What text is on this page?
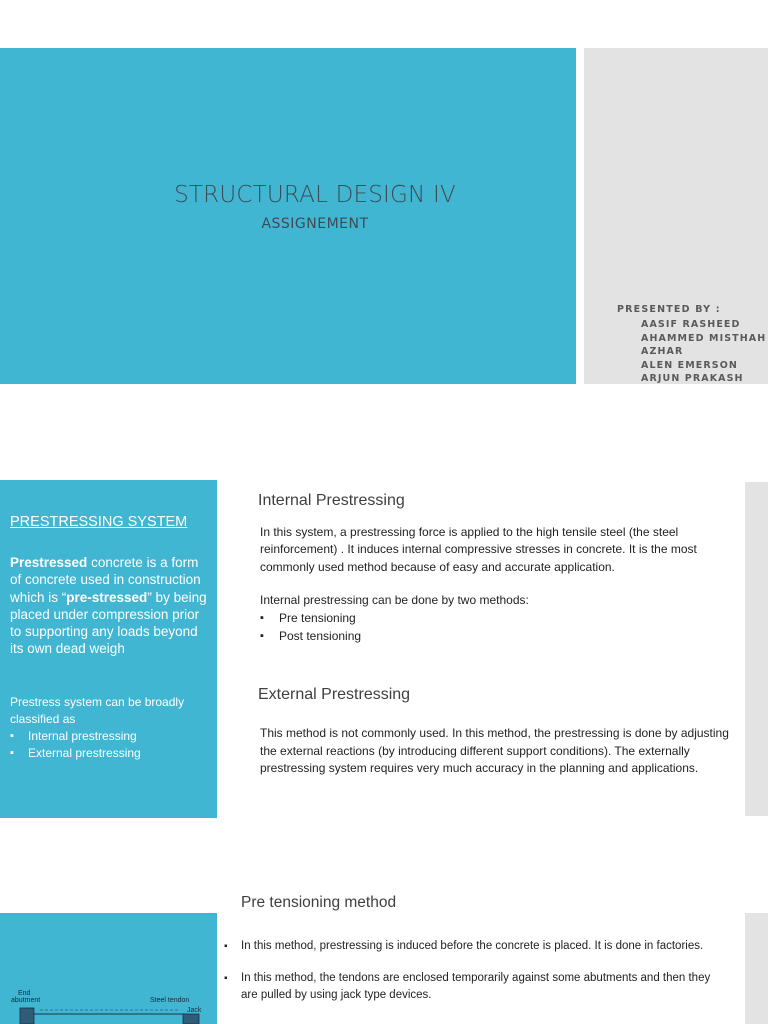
STRUCTURAL DESIGN IV
ASSIGNEMENT
PRESENTED BY :
AASIF RASHEED
AHAMMED MISTHAH
AZHAR
ALEN EMERSON
ARJUN PRAKASH
PRESTRESSING SYSTEM

Prestressed concrete is a form of concrete used in construction which is “pre-stressed” by being placed under compression prior to supporting any loads beyond its own dead weigh

Prestress system can be broadly classified as

▪ Internal prestressing
▪ External prestressing
Internal Prestressing

In this system, a prestressing force is applied to the high tensile steel (the steel reinforcement) . It induces internal compressive stresses in concrete. It is the most commonly used method because of easy and accurate application.

Internal prestressing can be done by two methods:
▪ Pre tensioning
▪ Post tensioning
External Prestressing

This method is not commonly used. In this method, the prestressing is done by adjusting the external reactions (by introducing different support conditions). The externally prestressing system requires very much accuracy in the planning and applications.

Pre tensioning method
End
abutment	Steel tendon
Jack
▪ In this method, prestressing is induced before the concrete is placed. It is done in factories.
▪ In this method, the tendons are enclosed temporarily against some abutments and then they are pulled by using jack type devices.
